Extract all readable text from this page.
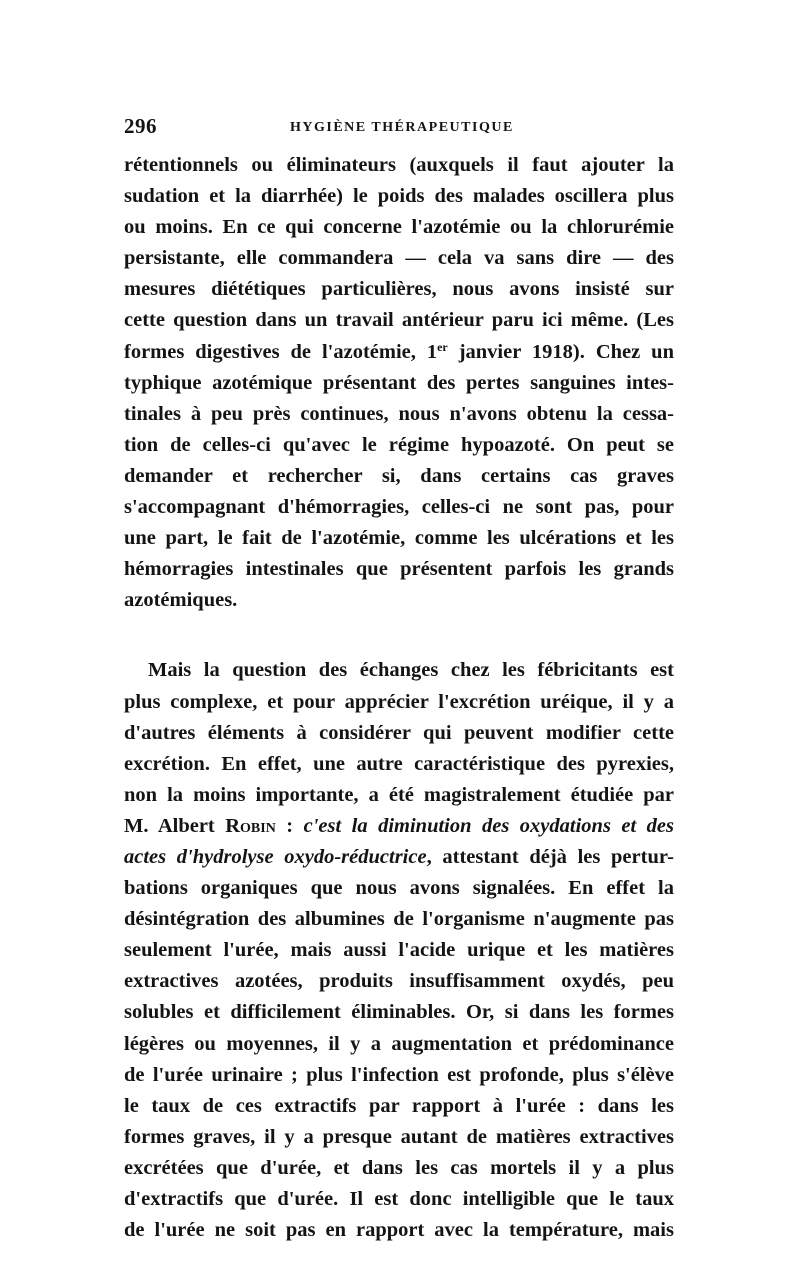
296	HYGIÈNE THÉRAPEUTIQUE

rétentionnels ou éliminateurs (auxquels il faut ajouter la
sudation et la diarrhée) le poids des malades oscillera plus
ou moins. En ce qui concerne l'azotémie ou la chlorurémie
persistante, elle commandera — cela va sans dire — des
mesures diététiques particulières, nous avons insisté sur
cette question dans un travail antérieur paru ici même. (Les
formes digestives de l'azotémie, 1er janvier 1918). Chez un
typhique azotémique présentant des pertes sanguines intes-
tinales à peu près continues, nous n'avons obtenu la cessa-
tion de celles-ci qu'avec le régime hypoazoté. On peut se
demander et rechercher si, dans certains cas graves
s'accompagnant d'hémorragies, celles-ci ne sont pas, pour
une part, le fait de l'azotémie, comme les ulcérations et les
hémorragies intestinales que présentent parfois les grands
azotémiques.

Mais la question des échanges chez les fébricitants est
plus complexe, et pour apprécier l'excrétion uréique, il y a
d'autres éléments à considérer qui peuvent modifier cette
excrétion. En effet, une autre caractéristique des pyrexies,
non la moins importante, a été magistralement étudiée par
M. Albert Robin : c'est la diminution des oxydations et des
actes d'hydrolyse oxydo-réductrice, attestant déjà les pertur-
bations organiques que nous avons signalées. En effet la
désintégration des albumines de l'organisme n'augmente pas
seulement l'urée, mais aussi l'acide urique et les matières
extractives azotées, produits insuffisamment oxydés, peu
solubles et difficilement éliminables. Or, si dans les formes
légères ou moyennes, il y a augmentation et prédominance
de l'urée urinaire ; plus l'infection est profonde, plus s'élève
le taux de ces extractifs par rapport à l'urée : dans les
formes graves, il y a presque autant de matières extractives
excrétées que d'urée, et dans les cas mortels il y a plus
d'extractifs que d'urée. Il est donc intelligible que le taux
de l'urée ne soit pas en rapport avec la température, mais
